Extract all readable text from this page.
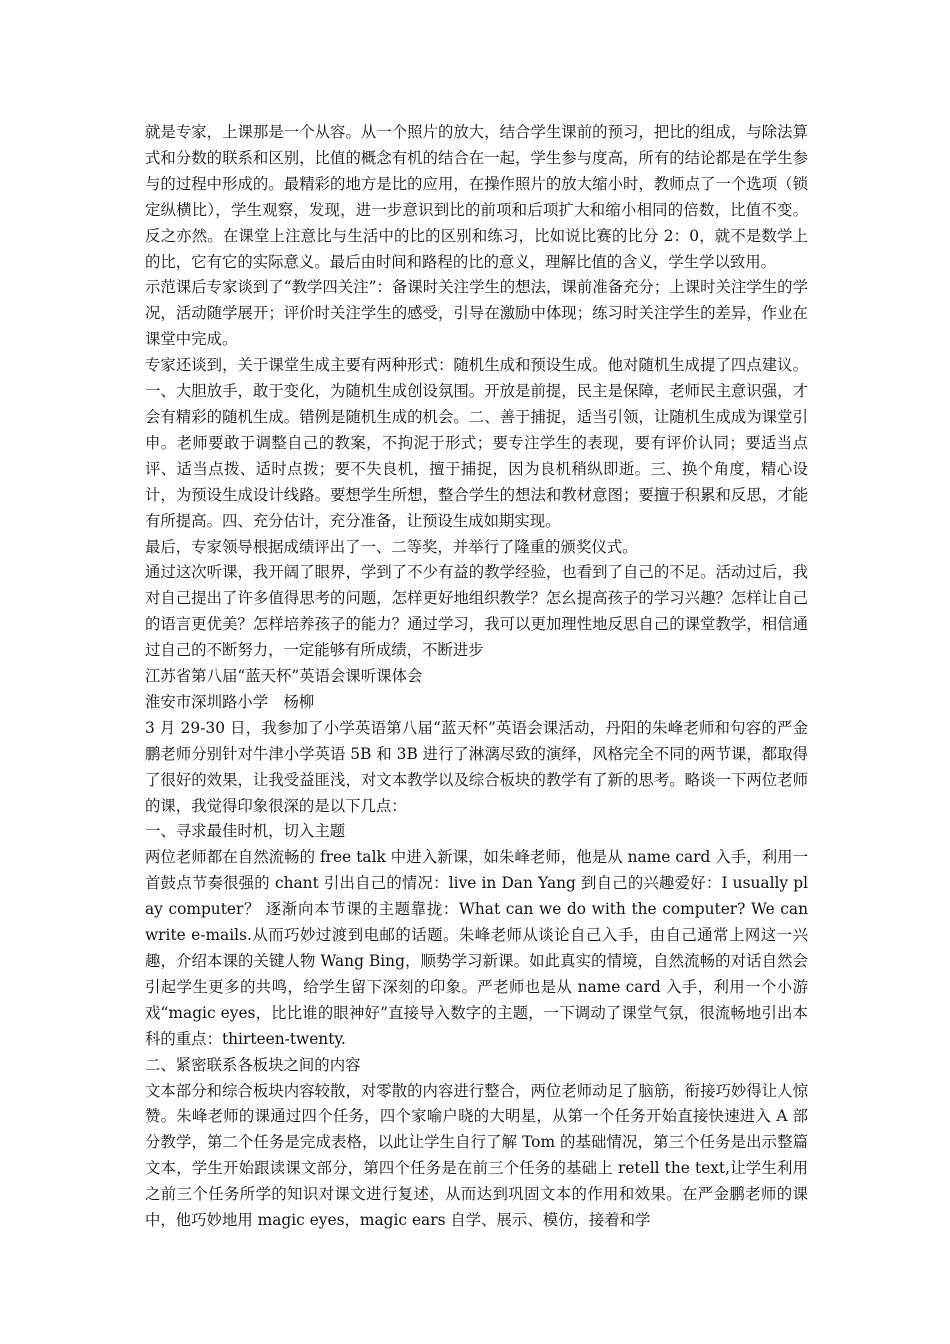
就是专家，上课那是一个从容。从一个照片的放大，结合学生课前的预习，把比的组成，与除法算式和分数的联系和区别，比值的概念有机的结合在一起，学生参与度高，所有的结论都是在学生参与的过程中形成的。最精彩的地方是比的应用，在操作照片的放大缩小时，教师点了一个选项（锁定纵横比），学生观察，发现，进一步意识到比的前项和后项扩大和缩小相同的倍数，比值不变。反之亦然。在课堂上注意比与生活中的比的区别和练习，比如说比赛的比分 2：0，就不是数学上的比，它有它的实际意义。最后由时间和路程的比的意义，理解比值的含义，学生学以致用。

示范课后专家谈到了“教学四关注”：备课时关注学生的想法，课前准备充分；上课时关注学生的学况，活动随学展开；评价时关注学生的感受，引导在激励中体现；练习时关注学生的差异，作业在课堂中完成。

专家还谈到，关于课堂生成主要有两种形式：随机生成和预设生成。他对随机生成提了四点建议。一、大胆放手，敢于变化，为随机生成创设氛围。开放是前提，民主是保障，老师民主意识强，才会有精彩的随机生成。错例是随机生成的机会。二、善于捕捉，适当引领，让随机生成成为课堂引申。老师要敢于调整自己的教案，不拘泥于形式；要专注学生的表现，要有评价认同；要适当点评、适当点拨、适时点拨；要不失良机，擅于捕捉，因为良机稍纵即逝。三、换个角度，精心设计，为预设生成设计线路。要想学生所想，整合学生的想法和教材意图；要擅于积累和反思，才能有所提高。四、充分估计，充分准备，让预设生成如期实现。

最后，专家领导根据成绩评出了一、二等奖，并举行了隆重的颁奖仪式。

通过这次听课，我开阔了眼界，学到了不少有益的教学经验，也看到了自己的不足。活动过后，我对自己提出了许多值得思考的问题，怎样更好地组织教学？怎幺提高孩子的学习兴趣？怎样让自己的语言更优美？怎样培养孩子的能力？通过学习，我可以更加理性地反思自己的课堂教学，相信通过自己的不断努力，一定能够有所成绩，不断进步

江苏省第八届“蓝天杯”英语会课听课体会

淮安市深圳路小学　杨柳

3 月 29-30 日，我参加了小学英语第八届“蓝天杯”英语会课活动，丹阳的朱峰老师和句容的严金鹏老师分别针对牛津小学英语 5B 和 3B 进行了淋漓尽致的演绎，风格完全不同的两节课，都取得了很好的效果，让我受益匪浅，对文本教学以及综合板块的教学有了新的思考。略谈一下两位老师的课，我觉得印象很深的是以下几点：

一、寻求最佳时机，切入主题

两位老师都在自然流畅的 free talk 中进入新课，如朱峰老师，他是从 name card 入手，利用一首鼓点节奏很强的 chant 引出自己的情况：live in Dan Yang 到自己的兴趣爱好：I usually play computer？ 逐渐向本节课的主题靠拢：What can we do with the computer? We can write e-mails.从而巧妙过渡到电邮的话题。朱峰老师从谈论自己入手，由自己通常上网这一兴趣，介绍本课的关键人物 Wang Bing，顺势学习新课。如此真实的情境，自然流畅的对话自然会引起学生更多的共鸣，给学生留下深刻的印象。严老师也是从 name card 入手，利用一个小游戏“magic eyes，比比谁的眼神好”直接导入数字的主题，一下调动了课堂气氛，很流畅地引出本科的重点：thirteen-twenty.

二、紧密联系各板块之间的内容

文本部分和综合板块内容较散，对零散的内容进行整合，两位老师动足了脑筋，衔接巧妙得让人惊赞。朱峰老师的课通过四个任务，四个家喻户晓的大明星，从第一个任务开始直接快速进入 A 部分教学，第二个任务是完成表格，以此让学生自行了解 Tom 的基础情况，第三个任务是出示整篇文本，学生开始跟读课文部分，第四个任务是在前三个任务的基础上 retell the text,让学生利用之前三个任务所学的知识对课文进行复述，从而达到巩固文本的作用和效果。在严金鹏老师的课中，他巧妙地用 magic eyes，magic ears 自学、展示、模仿，接着和学
